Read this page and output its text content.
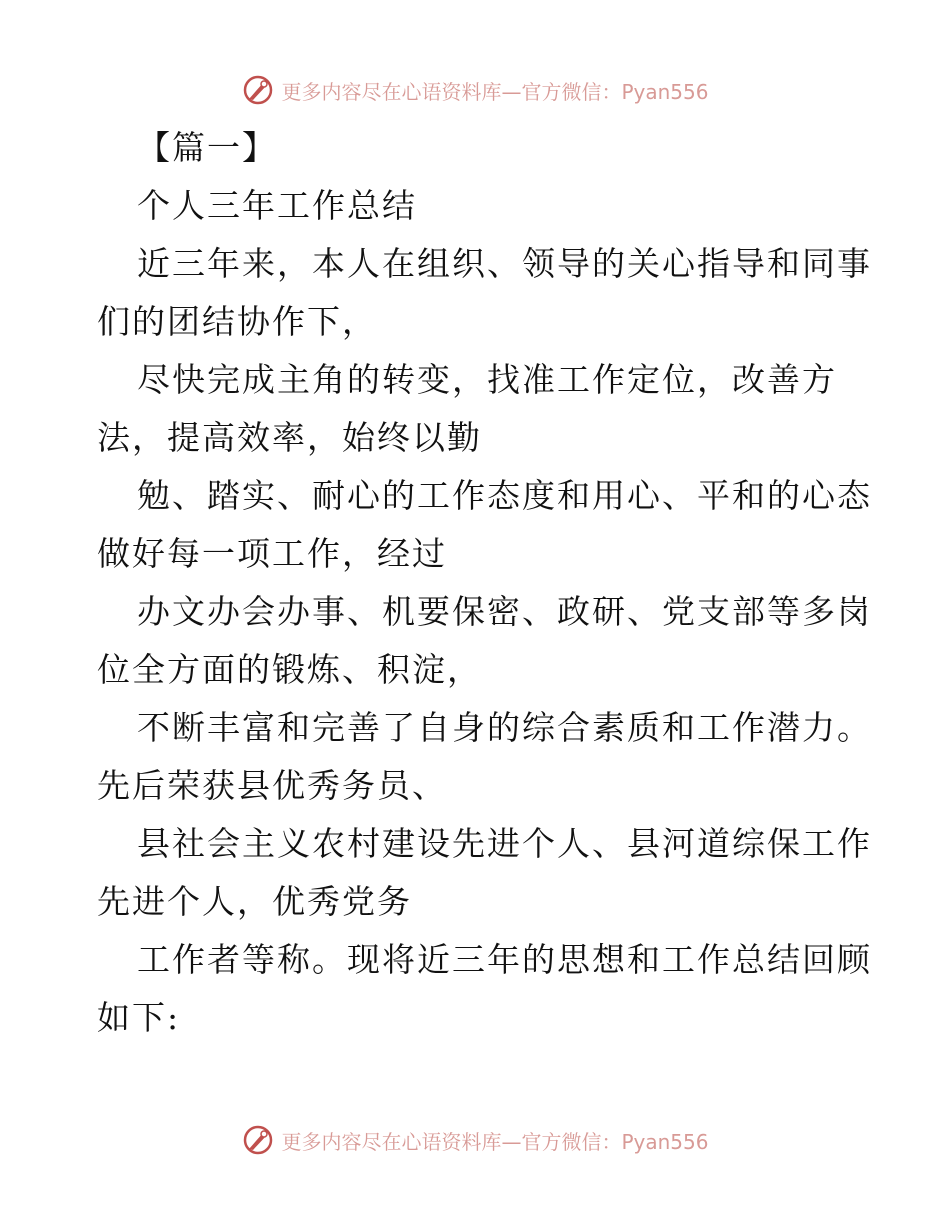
更多内容尽在心语资料库—官方微信：Pyan556

【篇一】

个人三年工作总结

近三年来，本人在组织、领导的关心指导和同事
们的团结协作下，

尽快完成主角的转变，找准工作定位，改善方
法，提高效率，始终以勤

勉、踏实、耐心的工作态度和用心、平和的心态
做好每一项工作，经过

办文办会办事、机要保密、政研、党支部等多岗
位全方面的锻炼、积淀，

不断丰富和完善了自身的综合素质和工作潜力。
先后荣获县优秀务员、

县社会主义农村建设先进个人、县河道综保工作
先进个人，优秀党务

工作者等称。现将近三年的思想和工作总结回顾
如下:

更多内容尽在心语资料库—官方微信：Pyan556
